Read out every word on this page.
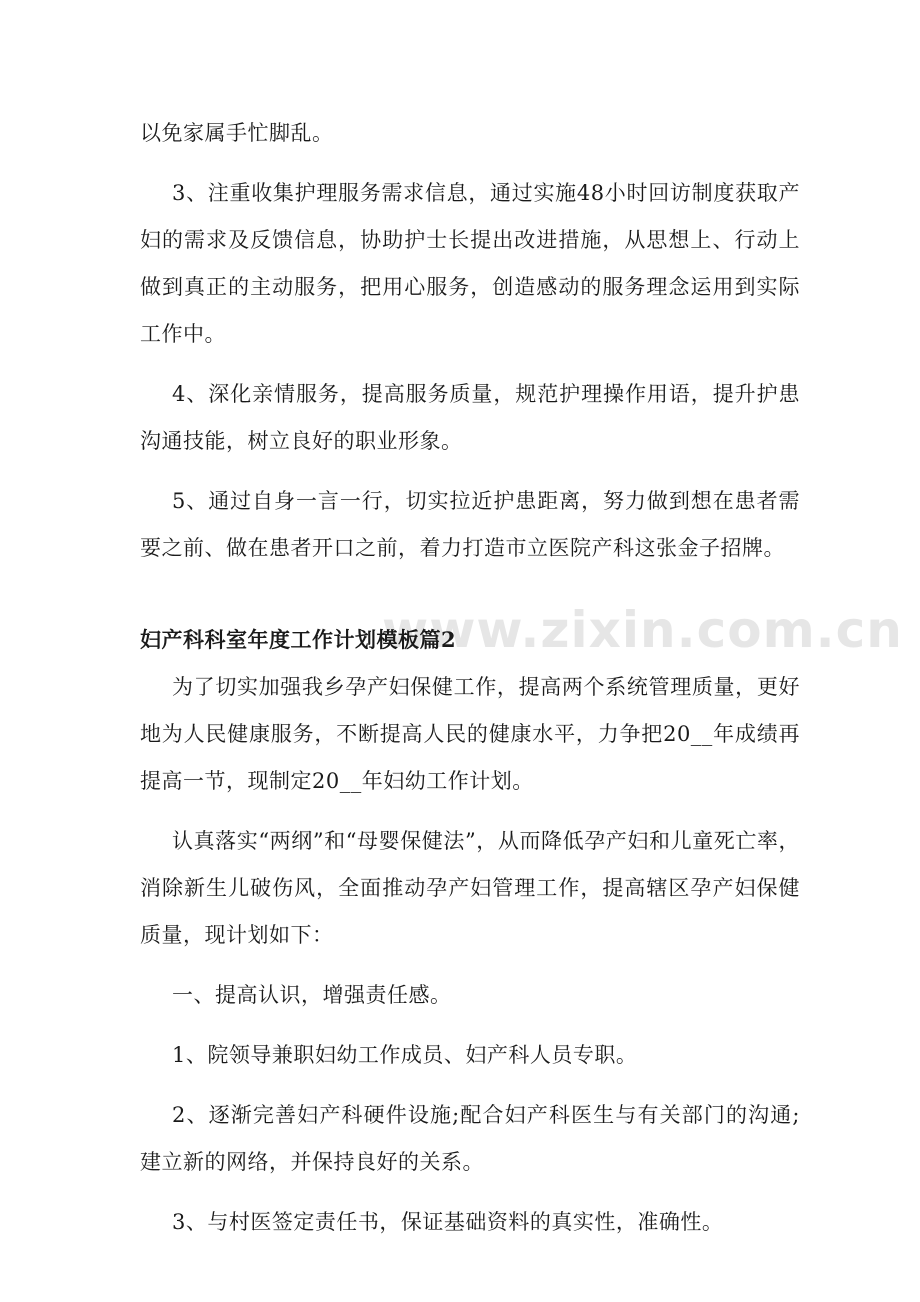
www.zixin.com.cn

以免家属手忙脚乱。

3、注重收集护理服务需求信息，通过实施48小时回访制度获取产妇的需求及反馈信息，协助护士长提出改进措施，从思想上、行动上做到真正的主动服务，把用心服务，创造感动的服务理念运用到实际工作中。

4、深化亲情服务，提高服务质量，规范护理操作用语，提升护患沟通技能，树立良好的职业形象。

5、通过自身一言一行，切实拉近护患距离，努力做到想在患者需要之前、做在患者开口之前，着力打造市立医院产科这张金子招牌。

妇产科科室年度工作计划模板篇2

为了切实加强我乡孕产妇保健工作，提高两个系统管理质量，更好地为人民健康服务，不断提高人民的健康水平，力争把20__年成绩再提高一节，现制定20__年妇幼工作计划。

认真落实“两纲”和“母婴保健法”，从而降低孕产妇和儿童死亡率，消除新生儿破伤风，全面推动孕产妇管理工作，提高辖区孕产妇保健质量，现计划如下：

一、提高认识，增强责任感。

1、院领导兼职妇幼工作成员、妇产科人员专职。

2、逐渐完善妇产科硬件设施;配合妇产科医生与有关部门的沟通;建立新的网络，并保持良好的关系。

3、与村医签定责任书，保证基础资料的真实性，准确性。
